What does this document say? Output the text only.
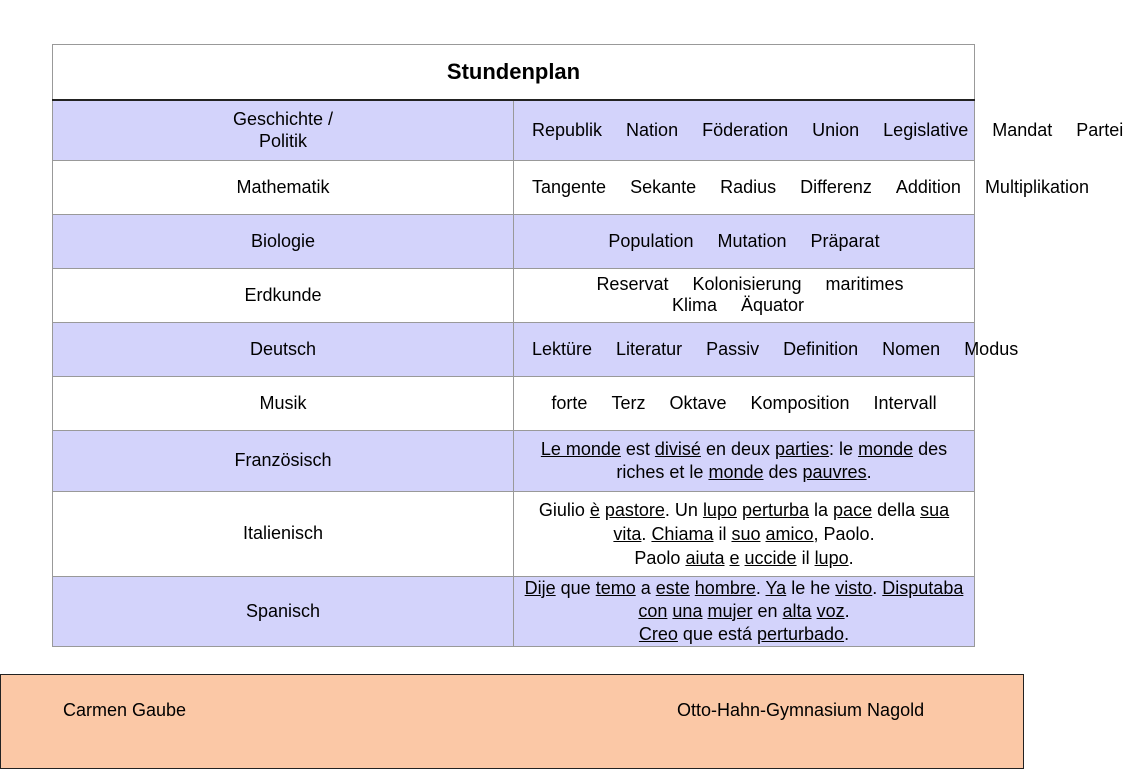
Stundenplan	
Geschichte /
Politik	Republik Nation Föderation Union Legislative Mandat Partei
Mathematik	Tangente Sekante Radius Differenz Addition Multiplikation
Biologie	Population Mutation Präparat
Erdkunde	Reservat Kolonisierung maritimes Klima Äquator
Deutsch	Lektüre Literatur Passiv Definition Nomen Modus
Musik	forte Terz Oktave Komposition Intervall
Französisch	Le monde est divisé en deux parties: le monde des riches et le monde des pauvres.
Italienisch	Giulio è pastore. Un lupo perturba la pace della sua vita. Chiama il suo amico, Paolo.
Paolo aiuta e uccide il lupo.
Spanisch	Dije que temo a este hombre. Ya le he visto. Disputaba con una mujer en alta voz.
Creo que está perturbado.
Carmen Gaube	Otto-Hahn-Gymnasium Nagold
